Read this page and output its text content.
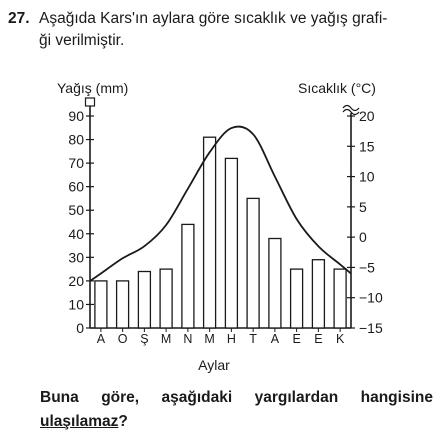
27. Aşağıda Kars'ın aylara göre sıcaklık ve yağış grafi-
ği verilmiştir.
0
10
20
30
40
50
60
70
80
90
−15
−10
−5
0
5
10
15
20
A O Ş M N M H T A E E K
Yağış (mm)	Sıcaklık (°C)
Aylar
Buna göre, aşağıdaki yargılardan hangisine
ulaşılamaz?
